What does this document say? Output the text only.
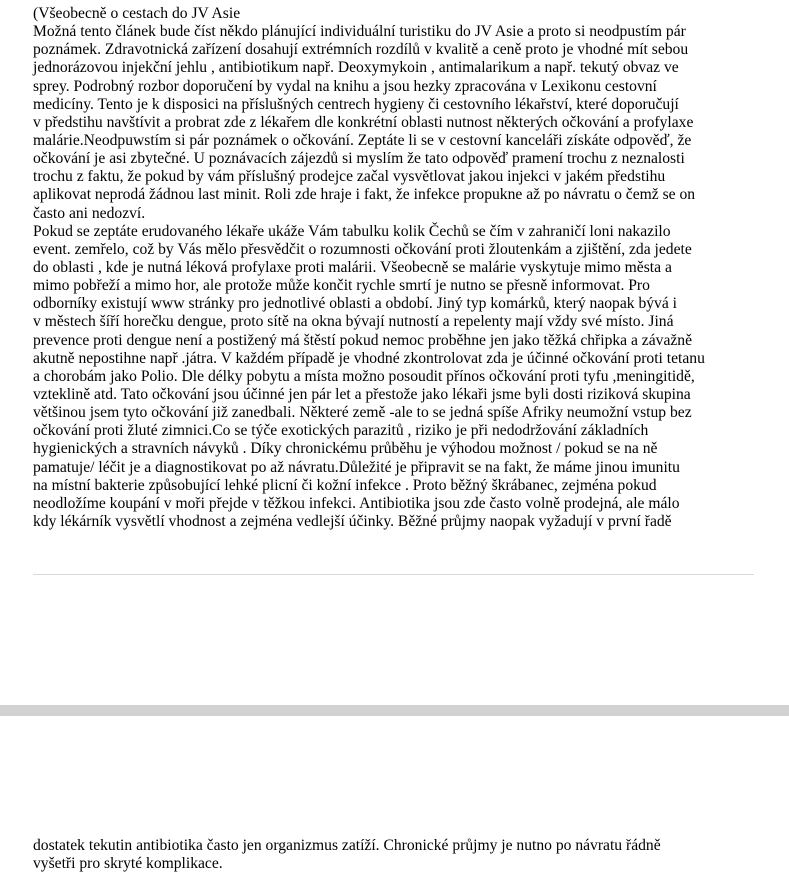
(Všeobecně o cestach do JV Asie
Možná tento článek bude číst někdo plánující individuální turistiku do JV Asie a proto si neodpustím pár
poznámek. Zdravotnická zařízení dosahují extrémních rozdílů v kvalitě a ceně proto je vhodné mít sebou
jednorázovou injekční jehlu , antibiotikum např. Deoxymykoin , antimalarikum a např. tekutý obvaz ve
sprey. Podrobný rozbor doporučení by vydal na knihu a jsou hezky zpracována v Lexikonu cestovní
medicíny. Tento je k disposici na příslušných centrech hygieny či cestovního lékařství, které doporučují
v předstihu navštívit a probrat zde z lékařem dle konkrétní oblasti nutnost některých očkování a profylaxe
malárie.Neodpuwstím si pár poznámek o očkování. Zeptáte li se v cestovní kanceláři získáte odpověď, že
očkování je asi zbytečné. U poznávacích zájezdů si myslím že tato odpověď pramení trochu z neznalosti
trochu z faktu, že pokud by vám příslušný prodejce začal vysvětlovat jakou injekci v jakém předstihu
aplikovat neprodá žádnou last minit. Roli zde hraje i fakt, že infekce propukne až po návratu o čemž se on
často ani nedozví.
Pokud se zeptáte erudovaného lékaře ukáže Vám tabulku kolik Čechů se čím v zahraničí loni nakazilo
event. zemřelo, což by Vás mělo přesvědčit o rozumnosti očkování proti žloutenkám a zjištění, zda jedete
do oblasti , kde je nutná léková profylaxe proti malárii. Všeobecně se malárie vyskytuje mimo města a
mimo pobřeží a mimo hor, ale protože může končit rychle smrtí je nutno se přesně informovat. Pro
odborníky existují www stránky pro jednotlivé oblasti a období. Jiný typ komárků, který naopak bývá i
v městech šíří horečku dengue, proto sítě na okna bývají nutností a repelenty mají vždy své místo. Jiná
prevence proti dengue není a postižený má štěstí pokud nemoc proběhne jen jako těžká chřipka a závažně
akutně nepostihne např .játra. V každém případě je vhodné zkontrolovat zda je účinné očkování proti tetanu
a chorobám jako Polio. Dle délky pobytu a místa možno posoudit přínos očkování proti tyfu ,meningitidě,
vzteklině atd. Tato očkování jsou účinné jen pár let a přestože jako lékaři jsme byli dosti riziková skupina
většinou jsem tyto očkování již zanedbali. Některé země -ale to se jedná spíše Afriky neumožní vstup bez
očkování proti žluté zimnici.Co se týče exotických parazitů , riziko je při nedodržování základních
hygienických a stravních návyků . Díky chronickému průběhu je výhodou možnost / pokud se na ně
pamatuje/ léčit je a diagnostikovat po až návratu.Důležité je připravit se na fakt, že máme jinou imunitu
na místní bakterie způsobující lehké plicní či kožní infekce . Proto běžný škrábanec, zejména pokud
neodložíme koupání v moři přejde v těžkou infekci. Antibiotika jsou zde často volně prodejná, ale málo
kdy lékárník vysvětlí vhodnost a zejména vedlejší účinky. Běžné průjmy naopak vyžadují v první řadě
dostatek tekutin antibiotika často jen organizmus zatíží. Chronické průjmy je nutno po návratu řádně
vyšetři pro skryté komplikace.
